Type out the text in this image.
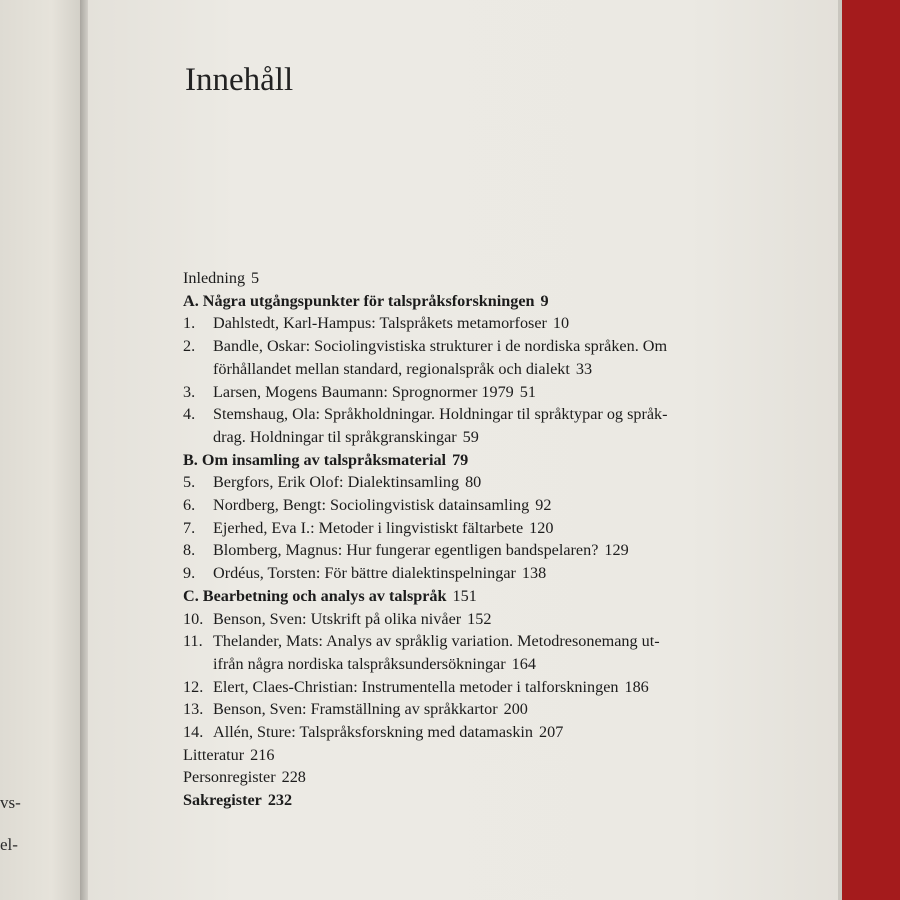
vs-
el-
Innehåll
Inledning 5
A. Några utgångspunkter för talspråksforskningen 9
1. Dahlstedt, Karl-Hampus: Talspråkets metamorfoser 10
2. Bandle, Oskar: Sociolingvistiska strukturer i de nordiska språken. Om
förhållandet mellan standard, regionalspråk och dialekt 33
3. Larsen, Mogens Baumann: Sprognormer 1979 51
4. Stemshaug, Ola: Språkholdningar. Holdningar til språktypar og språk-
drag. Holdningar til språkgranskingar 59
B. Om insamling av talspråksmaterial 79
5. Bergfors, Erik Olof: Dialektinsamling 80
6. Nordberg, Bengt: Sociolingvistisk datainsamling 92
7. Ejerhed, Eva I.: Metoder i lingvistiskt fältarbete 120
8. Blomberg, Magnus: Hur fungerar egentligen bandspelaren? 129
9. Ordéus, Torsten: För bättre dialektinspelningar 138
C. Bearbetning och analys av talspråk 151
10. Benson, Sven: Utskrift på olika nivåer 152
11. Thelander, Mats: Analys av språklig variation. Metodresonemang ut-
ifrån några nordiska talspråksundersökningar 164
12. Elert, Claes-Christian: Instrumentella metoder i talforskningen 186
13. Benson, Sven: Framställning av språkkartor 200
14. Allén, Sture: Talspråksforskning med datamaskin 207
Litteratur 216
Personregister 228
Sakregister 232
